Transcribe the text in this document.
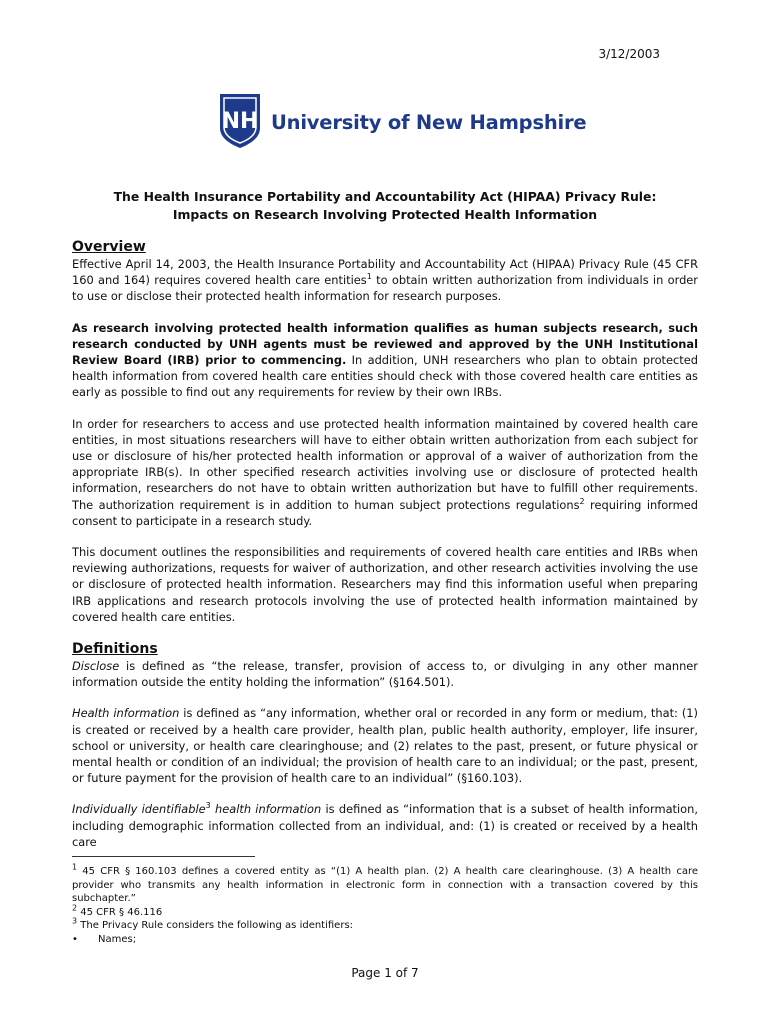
3/12/2003
NH University of New Hampshire
The Health Insurance Portability and Accountability Act (HIPAA) Privacy Rule:
Impacts on Research Involving Protected Health Information
Overview

Effective April 14, 2003, the Health Insurance Portability and Accountability Act (HIPAA) Privacy Rule (45 CFR 160 and 164) requires covered health care entities$^1$ to obtain written authorization from individuals in order to use or disclose their protected health information for research purposes.

As research involving protected health information qualifies as human subjects research, such research conducted by UNH agents must be reviewed and approved by the UNH Institutional Review Board (IRB) prior to commencing. In addition, UNH researchers who plan to obtain protected health information from covered health care entities should check with those covered health care entities as early as possible to find out any requirements for review by their own IRBs.

In order for researchers to access and use protected health information maintained by covered health care entities, in most situations researchers will have to either obtain written authorization from each subject for use or disclosure of his/her protected health information or approval of a waiver of authorization from the appropriate IRB(s). In other specified research activities involving use or disclosure of protected health information, researchers do not have to obtain written authorization but have to fulfill other requirements. The authorization requirement is in addition to human subject protections regulations$^2$ requiring informed consent to participate in a research study.

This document outlines the responsibilities and requirements of covered health care entities and IRBs when reviewing authorizations, requests for waiver of authorization, and other research activities involving the use or disclosure of protected health information. Researchers may find this information useful when preparing IRB applications and research protocols involving the use of protected health information maintained by covered health care entities.

Definitions

Disclose is defined as “the release, transfer, provision of access to, or divulging in any other manner information outside the entity holding the information” (§164.501).

Health information is defined as “any information, whether oral or recorded in any form or medium, that: (1) is created or received by a health care provider, health plan, public health authority, employer, life insurer, school or university, or health care clearinghouse; and (2) relates to the past, present, or future physical or mental health or condition of an individual; the provision of health care to an individual; or the past, present, or future payment for the provision of health care to an individual” (§160.103).

Individually identifiable$^3$ health information is defined as “information that is a subset of health information, including demographic information collected from an individual, and: (1) is created or received by a health care

$^1$ 45 CFR § 160.103 defines a covered entity as “(1) A health plan. (2) A health care clearinghouse. (3) A health care provider who transmits any health information in electronic form in connection with a transaction covered by this subchapter.”
$^2$ 45 CFR § 46.116
$^3$ The Privacy Rule considers the following as identifiers:
•	Names;
Page 1 of 7
